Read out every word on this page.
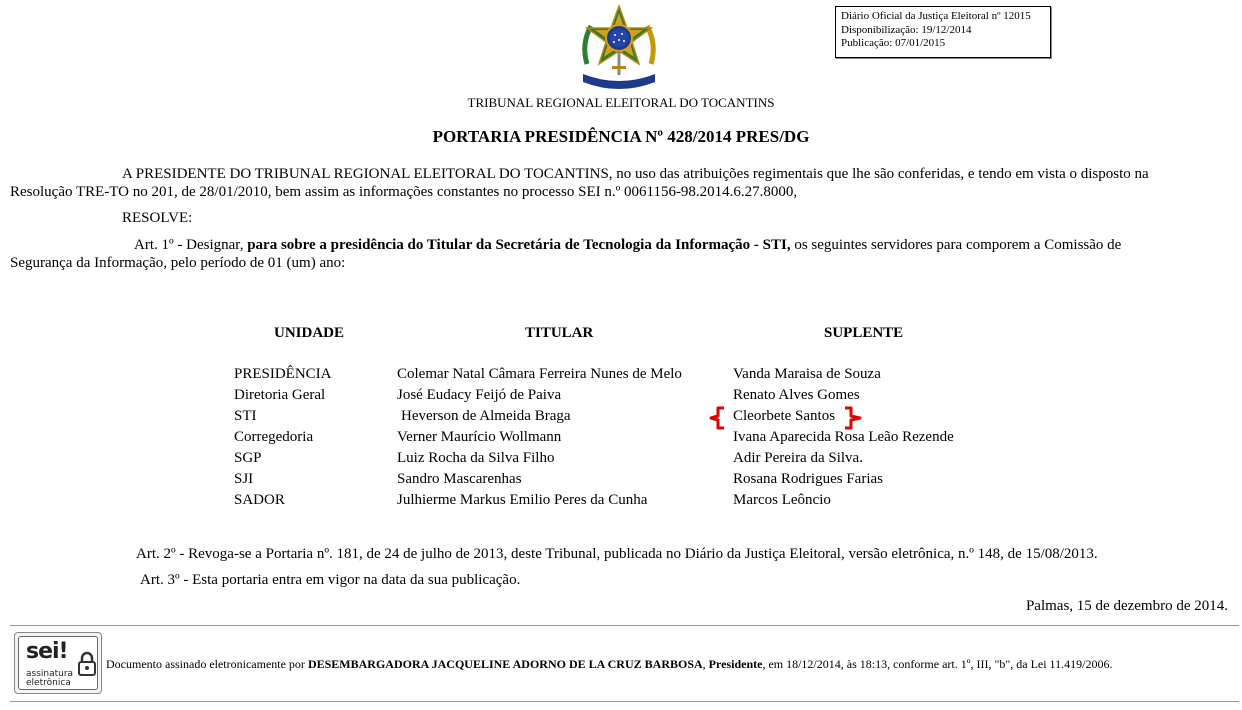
Diário Oficial da Justiça Eleitoral nº 12015
Disponibilização: 19/12/2014
Publicação: 07/01/2015
TRIBUNAL REGIONAL ELEITORAL DO TOCANTINS
PORTARIA PRESIDÊNCIA Nº 428/2014 PRES/DG
A PRESIDENTE DO TRIBUNAL REGIONAL ELEITORAL DO TOCANTINS, no uso das atribuições regimentais que lhe são conferidas, e tendo em vista o disposto na
Resolução TRE-TO no 201, de 28/01/2010, bem assim as informações constantes no processo SEI n.º 0061156-98.2014.6.27.8000,
RESOLVE:
Art. 1º - Designar, para sobre a presidência do Titular da Secretária de Tecnologia da Informação - STI, os seguintes servidores para comporem a Comissão de
Segurança da Informação, pelo período de 01 (um) ano:
UNIDADE	TITULAR	SUPLENTE
PRESIDÊNCIA	Colemar Natal Câmara Ferreira Nunes de Melo	Vanda Maraisa de Souza
Diretoria Geral	José Eudacy Feijó de Paiva	Renato Alves Gomes
STI	Heverson de Almeida Braga	Cleorbete Santos
Corregedoria	Verner Maurício Wollmann	Ivana Aparecida Rosa Leão Rezende
SGP	Luiz Rocha da Silva Filho	Adir Pereira da Silva.
SJI	Sandro Mascarenhas	Rosana Rodrigues Farias
SADOR	Julhierme Markus Emilio Peres da Cunha	Marcos Leôncio
Art. 2º - Revoga-se a Portaria nº. 181, de 24 de julho de 2013, deste Tribunal, publicada no Diário da Justiça Eleitoral, versão eletrônica, n.º 148, de 15/08/2013.
Art. 3º - Esta portaria entra em vigor na data da sua publicação.
Palmas, 15 de dezembro de 2014.
sei!
assinatura
eletrônica
Documento assinado eletronicamente por DESEMBARGADORA JACQUELINE ADORNO DE LA CRUZ BARBOSA, Presidente, em 18/12/2014, às 18:13, conforme art. 1º, III, "b", da Lei 11.419/2006.
